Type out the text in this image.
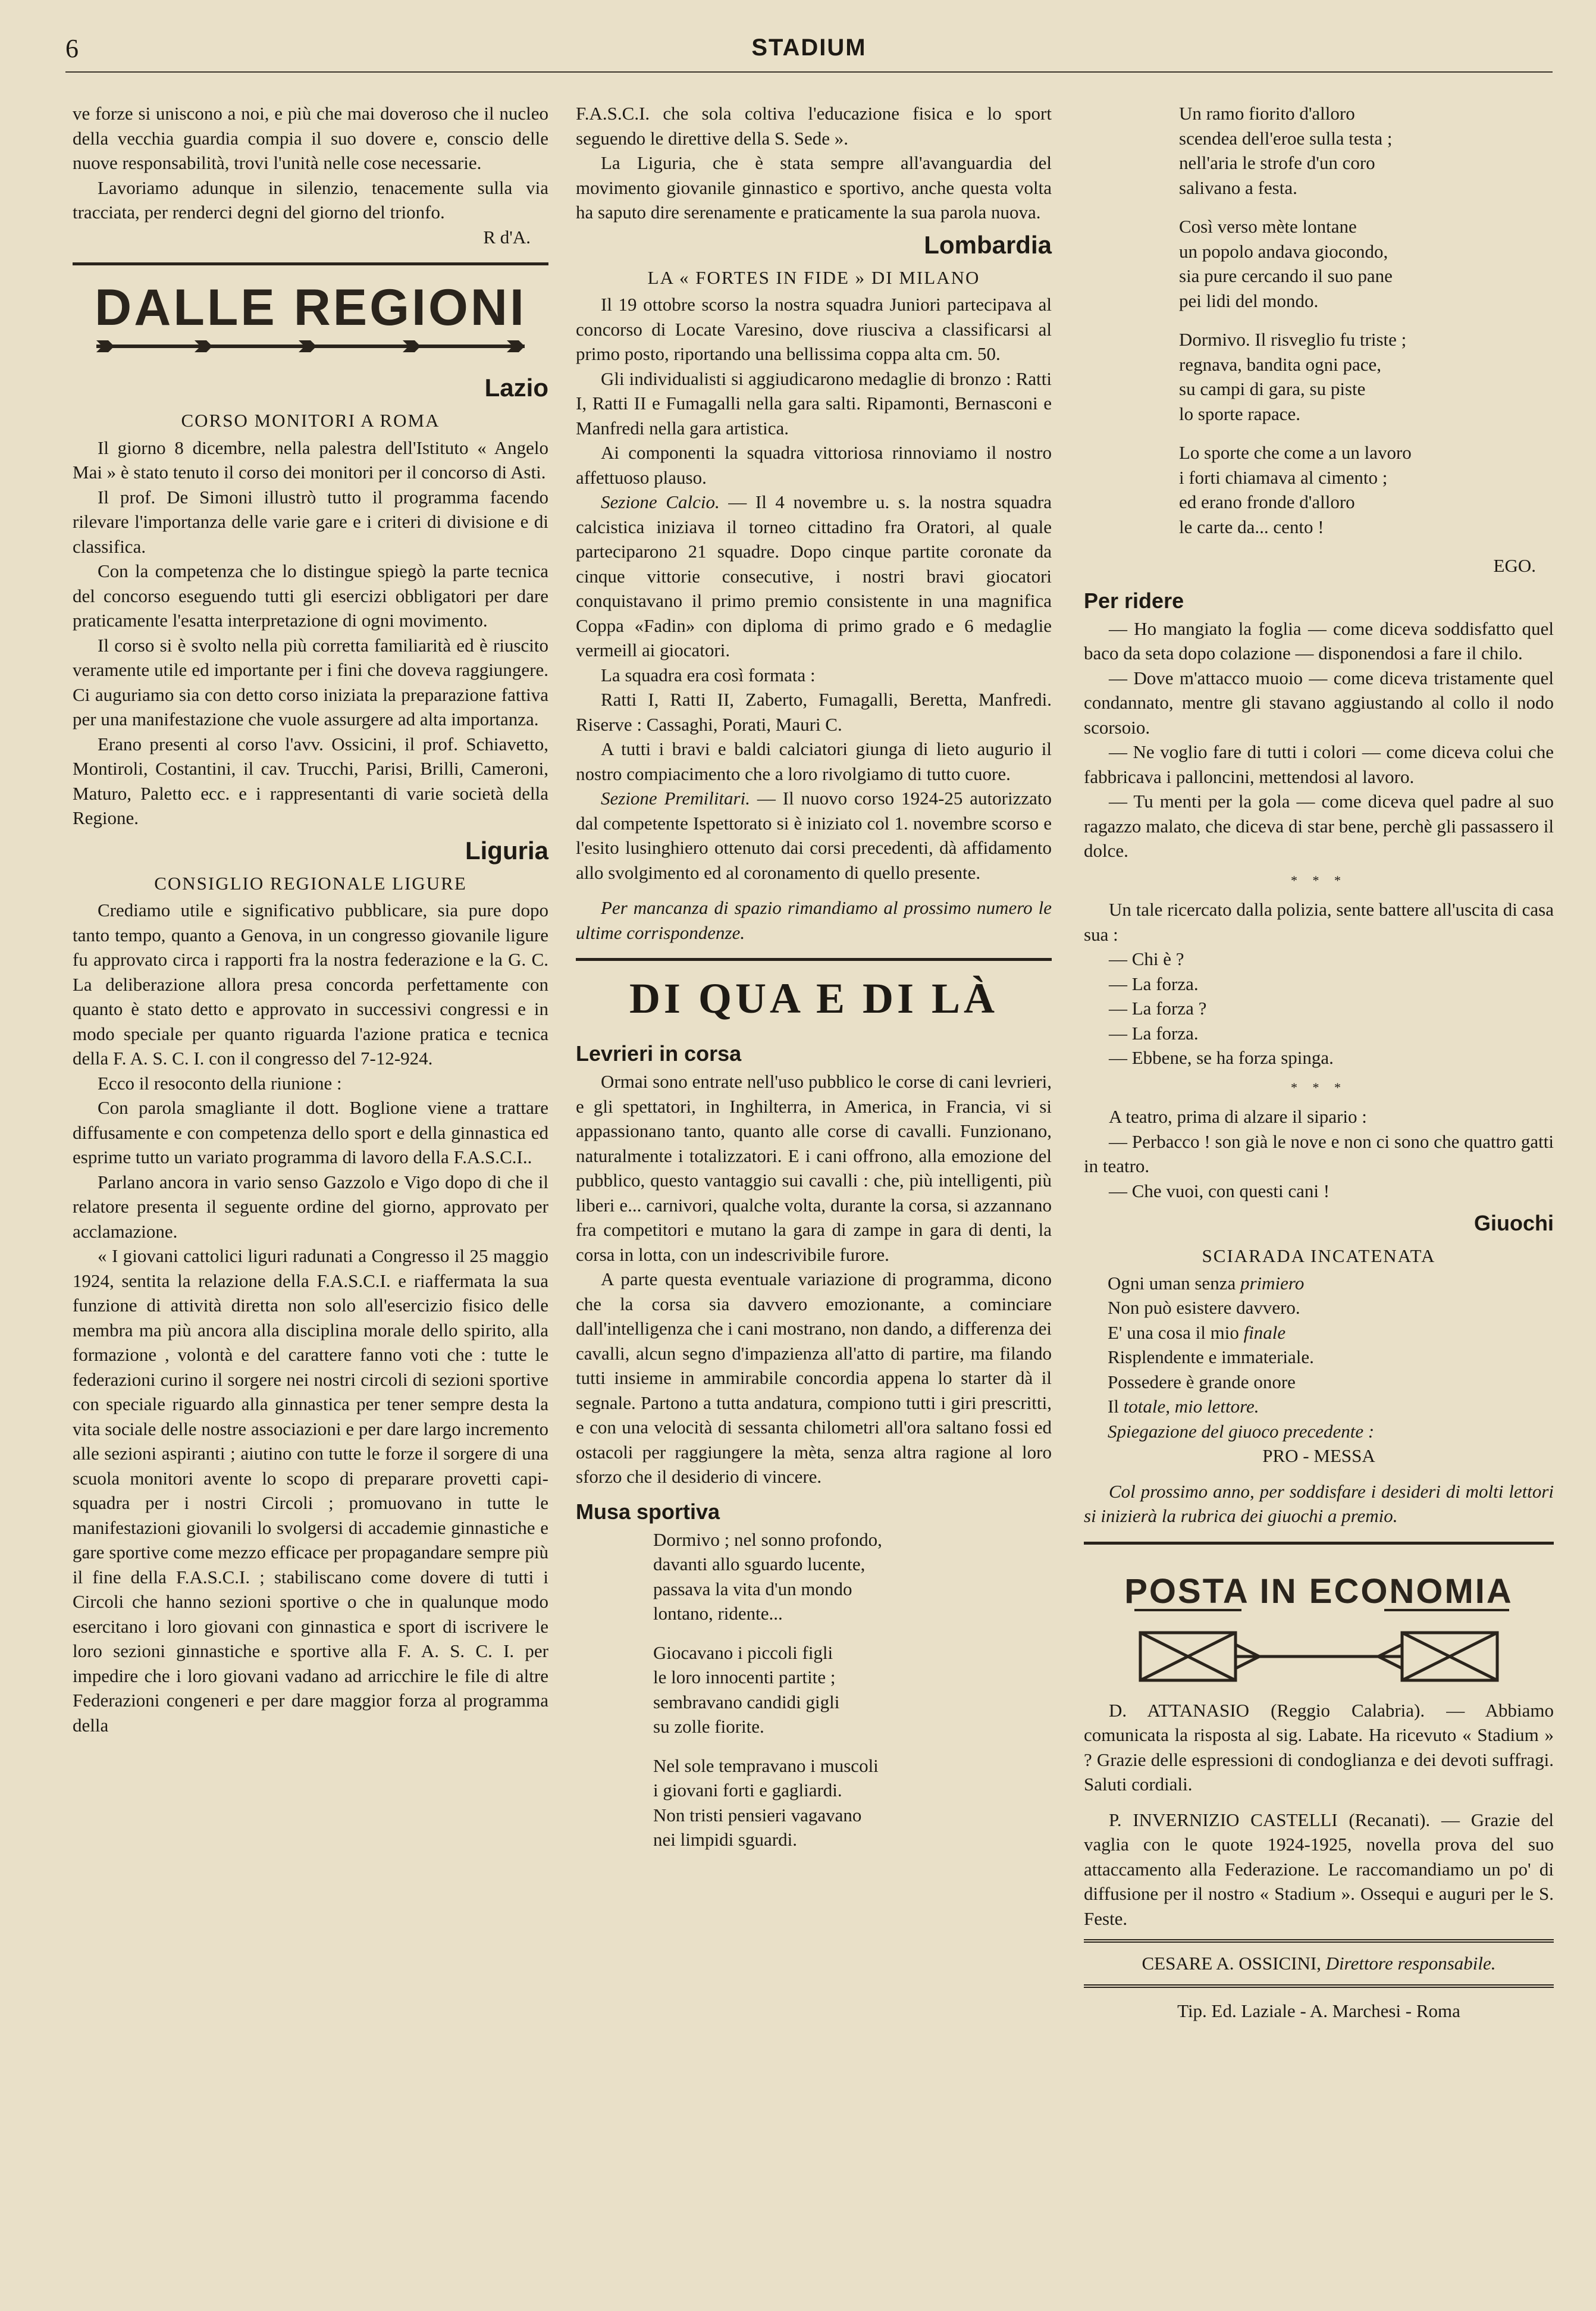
6	STADIUM

ve forze si uniscono a noi, e più che mai doveroso che il nucleo della vecchia guardia compia il suo dovere e, conscio delle nuove responsabilità, trovi l'unità nelle cose necessarie.

Lavoriamo adunque in silenzio, tenacemente sulla via tracciata, per renderci degni del giorno del trionfo.

R d'A.

DALLE REGIONI
Lazio

CORSO MONITORI A ROMA

Il giorno 8 dicembre, nella palestra dell'Istituto « Angelo Mai » è stato tenuto il corso dei monitori per il concorso di Asti.

Il prof. De Simoni illustrò tutto il programma facendo rilevare l'importanza delle varie gare e i criteri di divisione e di classifica.

Con la competenza che lo distingue spiegò la parte tecnica del concorso eseguendo tutti gli esercizi obbligatori per dare praticamente l'esatta interpretazione di ogni movimento.

Il corso si è svolto nella più corretta familiarità ed è riuscito veramente utile ed importante per i fini che doveva raggiungere. Ci auguriamo sia con detto corso iniziata la preparazione fattiva per una manifestazione che vuole assurgere ad alta importanza.

Erano presenti al corso l'avv. Ossicini, il prof. Schiavetto, Montiroli, Costantini, il cav. Trucchi, Parisi, Brilli, Cameroni, Maturo, Paletto ecc. e i rappresentanti di varie società della Regione.

Liguria

CONSIGLIO REGIONALE LIGURE

Crediamo utile e significativo pubblicare, sia pure dopo tanto tempo, quanto a Genova, in un congresso giovanile ligure fu approvato circa i rapporti fra la nostra federazione e la G. C. La deliberazione allora presa concorda perfettamente con quanto è stato detto e approvato in successivi congressi e in modo speciale per quanto riguarda l'azione pratica e tecnica della F. A. S. C. I. con il congresso del 7-12-924.

Ecco il resoconto della riunione :

Con parola smagliante il dott. Boglione viene a trattare diffusamente e con competenza dello sport e della ginnastica ed esprime tutto un variato programma di lavoro della F.A.S.C.I..

Parlano ancora in vario senso Gazzolo e Vigo dopo di che il relatore presenta il seguente ordine del giorno, approvato per acclamazione.

« I giovani cattolici liguri radunati a Congresso il 25 maggio 1924, sentita la relazione della F.A.S.C.I. e riaffermata la sua funzione di attività diretta non solo all'esercizio fisico delle membra ma più ancora alla disciplina morale dello spirito, alla formazione , volontà e del carattere fanno voti che : tutte le federazioni curino il sorgere nei nostri circoli di sezioni sportive con speciale riguardo alla ginnastica per tener sempre desta la vita sociale delle nostre associazioni e per dare largo incremento alle sezioni aspiranti ; aiutino con tutte le forze il sorgere di una scuola monitori avente lo scopo di preparare provetti capi-squadra per i nostri Circoli ; promuovano in tutte le manifestazioni giovanili lo svolgersi di accademie ginnastiche e gare sportive come mezzo efficace per propagandare sempre più il fine della F.A.S.C.I. ; stabiliscano come dovere di tutti i Circoli che hanno sezioni sportive o che in qualunque modo esercitano i loro giovani con ginnastica e sport di iscrivere le loro sezioni ginnastiche e sportive alla F. A. S. C. I. per impedire che i loro giovani vadano ad arricchire le file di altre Federazioni congeneri e per dare maggior forza al programma della

F.A.S.C.I. che sola coltiva l'educazione fisica e lo sport seguendo le direttive della S. Sede ».

La Liguria, che è stata sempre all'avanguardia del movimento giovanile ginnastico e sportivo, anche questa volta ha saputo dire serenamente e praticamente la sua parola nuova.

Lombardia

LA « FORTES IN FIDE » DI MILANO

Il 19 ottobre scorso la nostra squadra Juniori partecipava al concorso di Locate Varesino, dove riusciva a classificarsi al primo posto, riportando una bellissima coppa alta cm. 50.

Gli individualisti si aggiudicarono medaglie di bronzo : Ratti I, Ratti II e Fumagalli nella gara salti. Ripamonti, Bernasconi e Manfredi nella gara artistica.

Ai componenti la squadra vittoriosa rinnoviamo il nostro affettuoso plauso.

Sezione Calcio. — Il 4 novembre u. s. la nostra squadra calcistica iniziava il torneo cittadino fra Oratori, al quale parteciparono 21 squadre. Dopo cinque partite coronate da cinque vittorie consecutive, i nostri bravi giocatori conquistavano il primo premio consistente in una magnifica Coppa «Fadin» con diploma di primo grado e 6 medaglie vermeill ai giocatori.

La squadra era così formata :

Ratti I, Ratti II, Zaberto, Fumagalli, Beretta, Manfredi. Riserve : Cassaghi, Porati, Mauri C.

A tutti i bravi e baldi calciatori giunga di lieto augurio il nostro compiacimento che a loro rivolgiamo di tutto cuore.

Sezione Premilitari. — Il nuovo corso 1924-25 autorizzato dal competente Ispettorato si è iniziato col 1. novembre scorso e l'esito lusinghiero ottenuto dai corsi precedenti, dà affidamento allo svolgimento ed al coronamento di quello presente.

Per mancanza di spazio rimandiamo al prossimo numero le ultime corrispondenze.

DI QUA E DI LÀ
Levrieri in corsa

Ormai sono entrate nell'uso pubblico le corse di cani levrieri, e gli spettatori, in Inghilterra, in America, in Francia, vi si appassionano tanto, quanto alle corse di cavalli. Funzionano, naturalmente i totalizzatori. E i cani offrono, alla emozione del pubblico, questo vantaggio sui cavalli : che, più intelligenti, più liberi e... carnivori, qualche volta, durante la corsa, si azzannano fra competitori e mutano la gara di zampe in gara di denti, la corsa in lotta, con un indescrivibile furore.

A parte questa eventuale variazione di programma, dicono che la corsa sia davvero emozionante, a cominciare dall'intelligenza che i cani mostrano, non dando, a differenza dei cavalli, alcun segno d'impazienza all'atto di partire, ma filando tutti insieme in ammirabile concordia appena lo starter dà il segnale. Partono a tutta andatura, compiono tutti i giri prescritti, e con una velocità di sessanta chilometri all'ora saltano fossi ed ostacoli per raggiungere la mèta, senza altra ragione al loro sforzo che il desiderio di vincere.

Musa sportiva

Dormivo ; nel sonno profondo,

davanti allo sguardo lucente,

passava la vita d'un mondo

lontano, ridente...

Giocavano i piccoli figli

le loro innocenti partite ;

sembravano candidi gigli

su zolle fiorite.

Nel sole tempravano i muscoli

i giovani forti e gagliardi.

Non tristi pensieri vagavano

nei limpidi sguardi.

Un ramo fiorito d'alloro

scendea dell'eroe sulla testa ;

nell'aria le strofe d'un coro

salivano a festa.

Così verso mète lontane

un popolo andava giocondo,

sia pure cercando il suo pane

pei lidi del mondo.

Dormivo. Il risveglio fu triste ;

regnava, bandita ogni pace,

su campi di gara, su piste

lo sporte rapace.

Lo sporte che come a un lavoro

i forti chiamava al cimento ;

ed erano fronde d'alloro

le carte da... cento !

EGO.

Per ridere

— Ho mangiato la foglia — come diceva soddisfatto quel baco da seta dopo colazione — disponendosi a fare il chilo.

— Dove m'attacco muoio — come diceva tristamente quel condannato, mentre gli stavano aggiustando al collo il nodo scorsoio.

— Ne voglio fare di tutti i colori — come diceva colui che fabbricava i palloncini, mettendosi al lavoro.

— Tu menti per la gola — come diceva quel padre al suo ragazzo malato, che diceva di star bene, perchè gli passassero il dolce.

* * *

Un tale ricercato dalla polizia, sente battere all'uscita di casa sua :

— Chi è ?

— La forza.

— La forza ?

— La forza.

— Ebbene, se ha forza spinga.

* * *

A teatro, prima di alzare il sipario :

— Perbacco ! son già le nove e non ci sono che quattro gatti in teatro.

— Che vuoi, con questi cani !

Giuochi

SCIARADA INCATENATA

Ogni uman senza primiero

Non può esistere davvero.

E' una cosa il mio finale

Risplendente e immateriale.

Possedere è grande onore

Il totale, mio lettore.

Spiegazione del giuoco precedente :

PRO - MESSA

Col prossimo anno, per soddisfare i desideri di molti lettori si inizierà la rubrica dei giuochi a premio.

POSTA IN ECONOMIA

D. ATTANASIO (Reggio Calabria). — Abbiamo comunicata la risposta al sig. Labate. Ha ricevuto « Stadium » ? Grazie delle espressioni di condoglianza e dei devoti suffragi. Saluti cordiali.

P. INVERNIZIO CASTELLI (Recanati). — Grazie del vaglia con le quote 1924-1925, novella prova del suo attaccamento alla Federazione. Le raccomandiamo un po' di diffusione per il nostro « Stadium ». Ossequi e auguri per le S. Feste.

CESARE A. OSSICINI, Direttore responsabile.

Tip. Ed. Laziale - A. Marchesi - Roma
